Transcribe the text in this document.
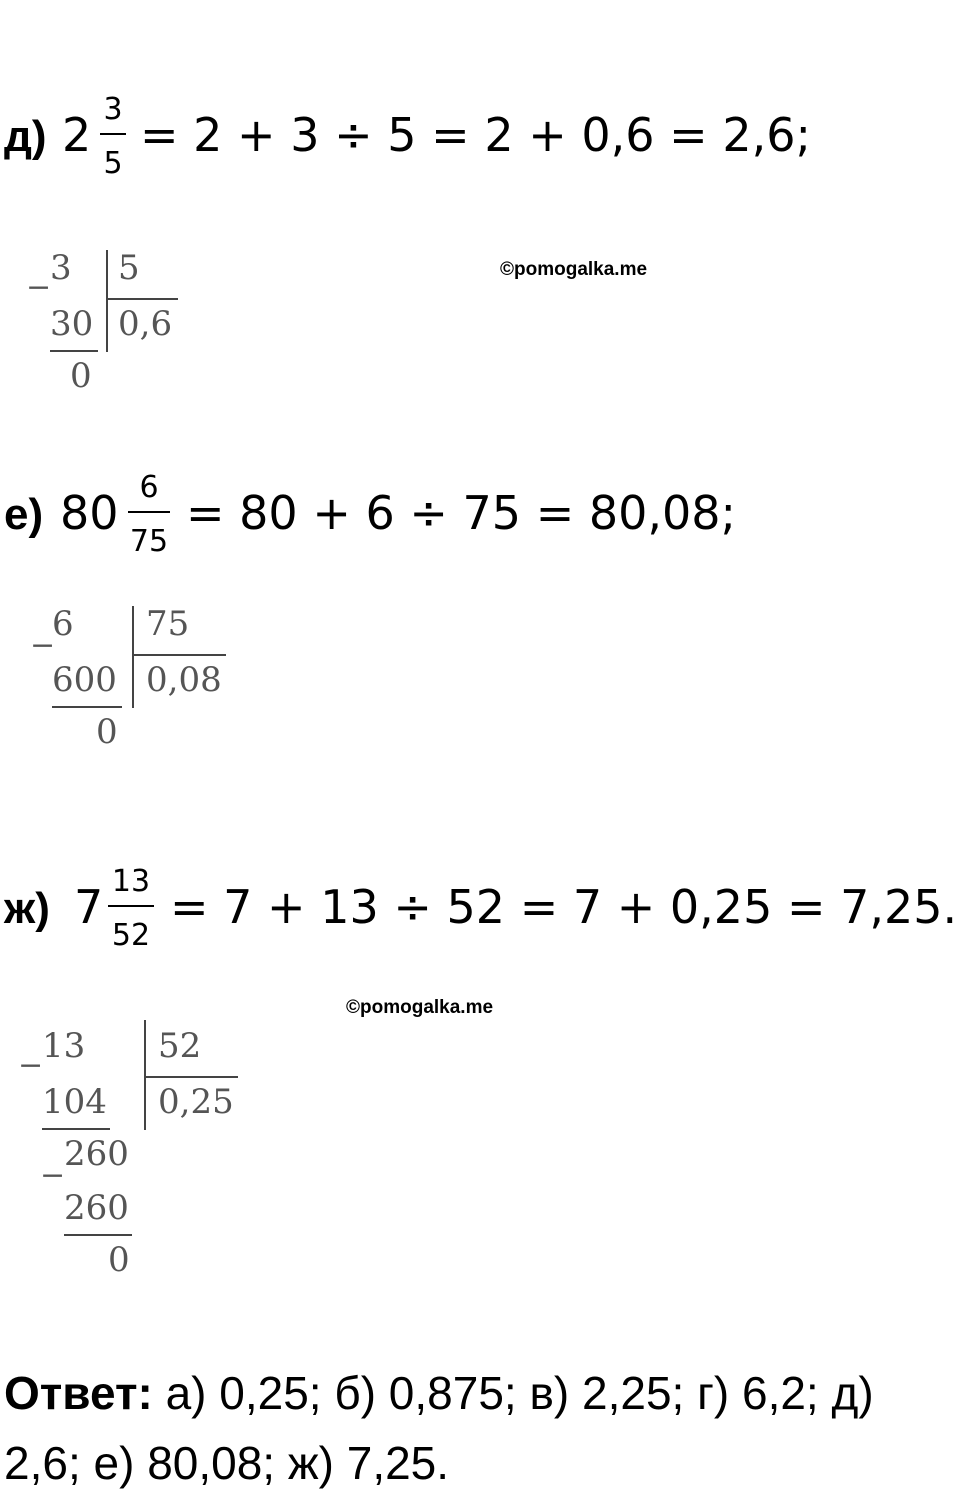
д) 2 3
5
= 2 + 3 ÷ 5 = 2 + 0,6 = 2,6;
©pomogalka.me
−
3 5
30 0,6
0
е) 80 6
75
= 80 + 6 ÷ 75 = 80,08;
−
6 75
600 0,08
0
ж) 7 13
52
= 7 + 13 ÷ 52 = 7 + 0,25 = 7,25.
©pomogalka.me
−
13 52
104 0,25
−
260
260
0
Ответ: а) 0,25; б) 0,875; в) 2,25; г) 6,2; д)
2,6; е) 80,08; ж) 7,25.
